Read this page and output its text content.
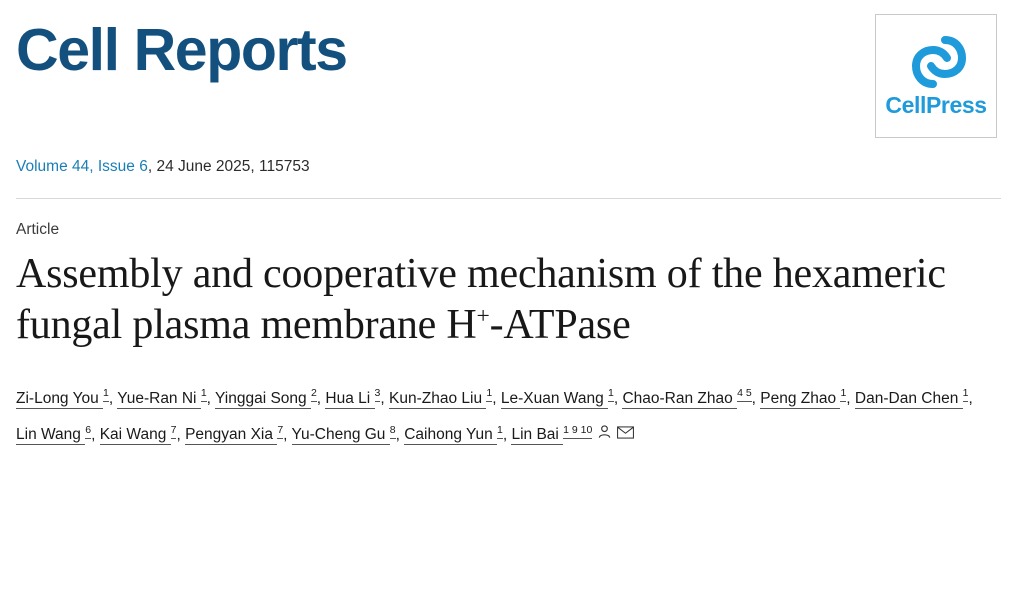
Cell Reports
CellPress
Volume 44, Issue 6, 24 June 2025, 115753
Article
Assembly and cooperative mechanism of the hexameric fungal plasma membrane H+-ATPase
Zi-Long You $^1$, Yue-Ran Ni $^1$, Yinggai Song $^2$, Hua Li $^3$, Kun-Zhao Liu $^1$, Le-Xuan Wang $^1$, Chao-Ran Zhao $^{4 5}$, Peng Zhao $^1$, Dan-Dan Chen $^1$, Lin Wang $^6$, Kai Wang $^7$, Pengyan Xia $^7$, Yu-Cheng Gu $^8$, Caihong Yun $^1$, Lin Bai $^{1 9 10}$
